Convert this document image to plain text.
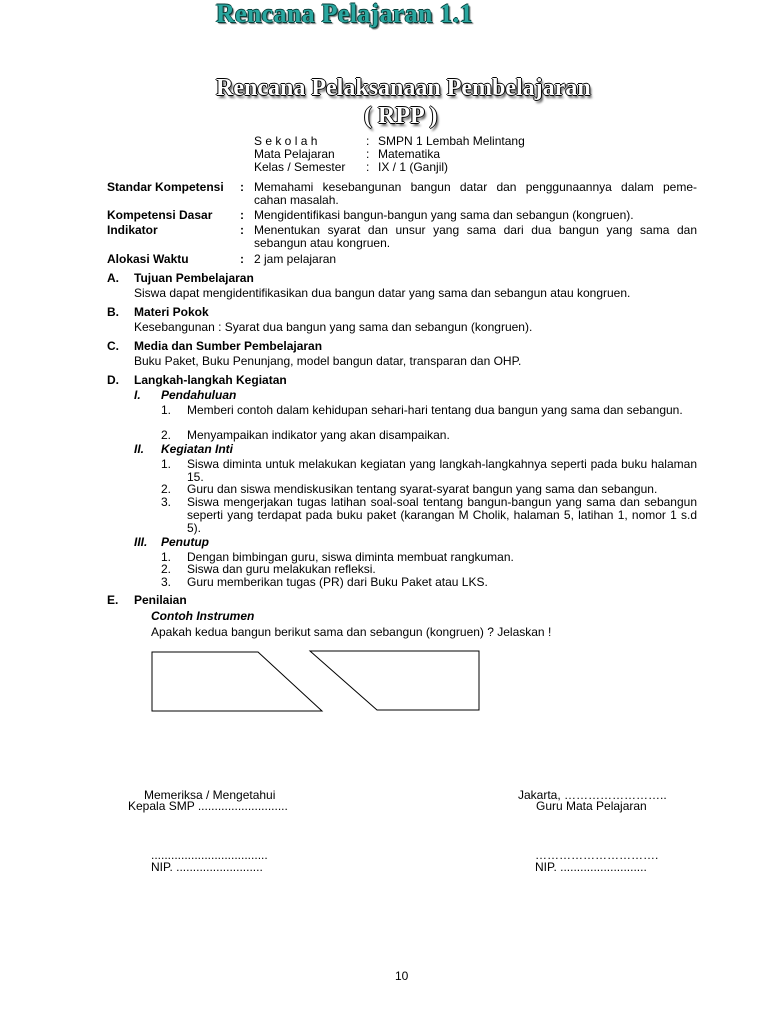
Rencana Pelajaran 1.1
Rencana Pelaksanaan Pembelajaran
( RPP )
S e k o l a h	: SMPN 1 Lembah Melintang
Mata Pelajaran	: Matematika
Kelas / Semester	: IX / 1 (Ganjil)
Standar Kompetensi : Memahami kesebangunan bangun datar dan penggunaannya dalam peme-
cahan masalah.
Kompetensi Dasar : Mengidentifikasi bangun-bangun yang sama dan sebangun (kongruen).
Indikator	: Menentukan syarat dan unsur yang sama dari dua bangun yang sama dan sebangun atau kongruen.
Alokasi Waktu	: 2 jam pelajaran
A. Tujuan Pembelajaran
Siswa dapat mengidentifikasikan dua bangun datar yang sama dan sebangun atau kongruen.
B. Materi Pokok
Kesebangunan : Syarat dua bangun yang sama dan sebangun (kongruen).
C. Media dan Sumber Pembelajaran
Buku Paket, Buku Penunjang, model bangun datar, transparan dan OHP.
D. Langkah-langkah Kegiatan
I. Pendahuluan
1. Memberi contoh dalam kehidupan sehari-hari tentang dua bangun yang sama dan sebangun.
2. Menyampaikan indikator yang akan disampaikan.
II. Kegiatan Inti
1. Siswa diminta untuk melakukan kegiatan yang langkah-langkahnya seperti pada buku halaman 15.
2. Guru dan siswa mendiskusikan tentang syarat-syarat bangun yang sama dan sebangun.
3. Siswa mengerjakan tugas latihan soal-soal tentang bangun-bangun yang sama dan sebangun seperti yang terdapat pada buku paket (karangan M Cholik, halaman 5, latihan 1, nomor 1 s.d 5).
III. Penutup
1. Dengan bimbingan guru, siswa diminta membuat rangkuman.
2. Siswa dan guru melakukan refleksi.
3. Guru memberikan tugas (PR) dari Buku Paket atau LKS.
E. Penilaian
Contoh Instrumen
Apakah kedua bangun berikut sama dan sebangun (kongruen) ? Jelaskan !
Memeriksa / Mengetahui
Kepala SMP ...........................
...................................
NIP. ..........................
Jakarta, ……………………..
Guru Mata Pelajaran
………………………….
NIP. ..........................
10
